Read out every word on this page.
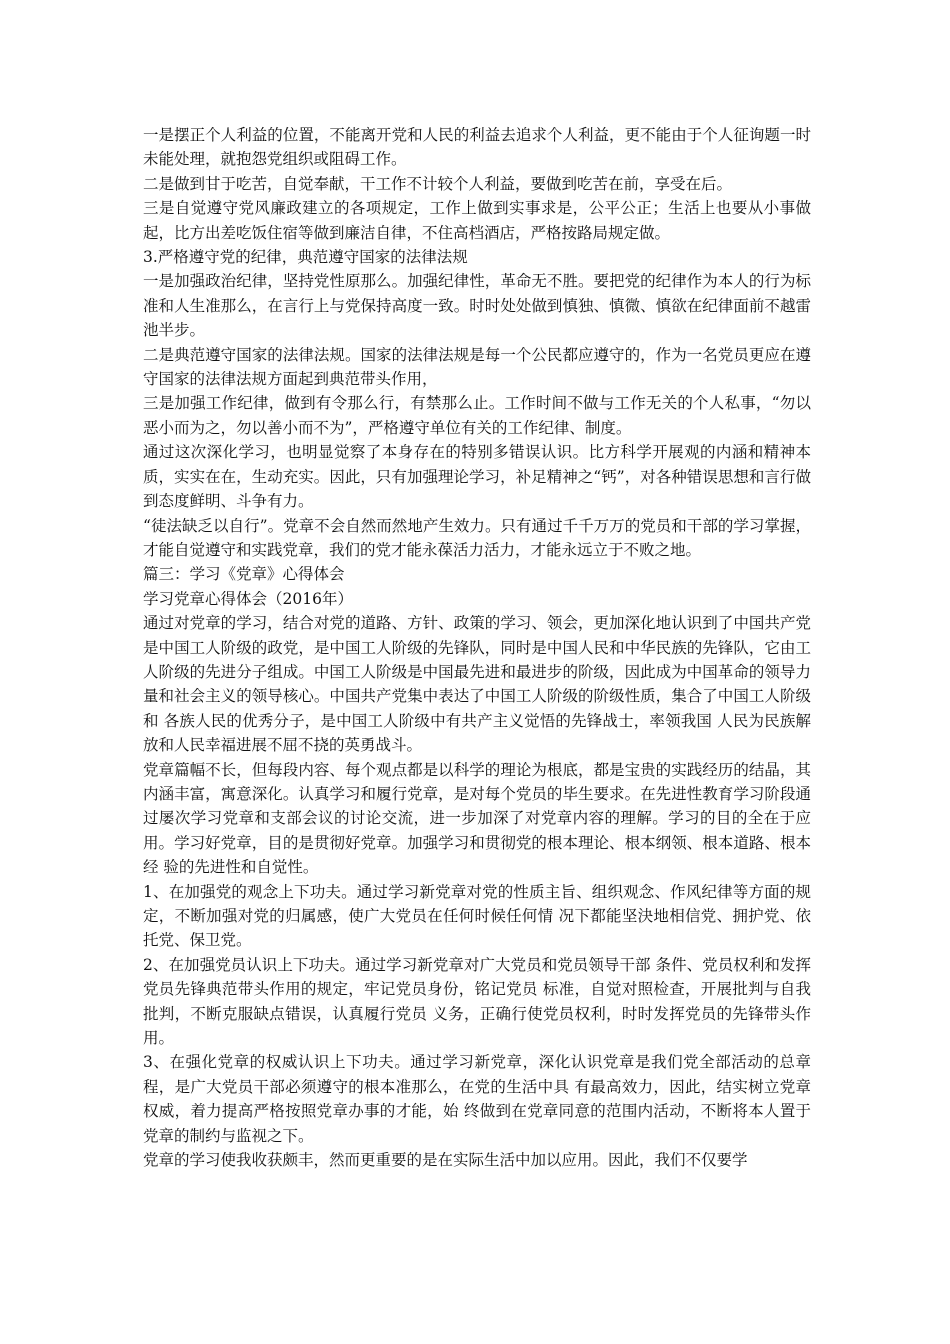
一是摆正个人利益的位置，不能离开党和人民的利益去追求个人利益，更不能由于个人征询题一时未能处理，就抱怨党组织或阻碍工作。

二是做到甘于吃苦，自觉奉献，干工作不计较个人利益，要做到吃苦在前，享受在后。

三是自觉遵守党风廉政建立的各项规定，工作上做到实事求是，公平公正；生活上也要从小事做起，比方出差吃饭住宿等做到廉洁自律，不住高档酒店，严格按路局规定做。

3.严格遵守党的纪律，典范遵守国家的法律法规

一是加强政治纪律，坚持党性原那么。加强纪律性，革命无不胜。要把党的纪律作为本人的行为标准和人生准那么，在言行上与党保持高度一致。时时处处做到慎独、慎微、慎欲在纪律面前不越雷池半步。

二是典范遵守国家的法律法规。国家的法律法规是每一个公民都应遵守的，作为一名党员更应在遵守国家的法律法规方面起到典范带头作用，

三是加强工作纪律，做到有令那么行，有禁那么止。工作时间不做与工作无关的个人私事，“勿以恶小而为之，勿以善小而不为”，严格遵守单位有关的工作纪律、制度。

通过这次深化学习，也明显觉察了本身存在的特别多错误认识。比方科学开展观的内涵和精神本质，实实在在，生动充实。因此，只有加强理论学习，补足精神之“钙”，对各种错误思想和言行做到态度鲜明、斗争有力。

“徒法缺乏以自行”。党章不会自然而然地产生效力。只有通过千千万万的党员和干部的学习掌握，才能自觉遵守和实践党章，我们的党才能永葆活力活力，才能永远立于不败之地。

篇三：学习《党章》心得体会

学习党章心得体会（2016年）

通过对党章的学习，结合对党的道路、方针、政策的学习、领会，更加深化地认识到了中国共产党是中国工人阶级的政党，是中国工人阶级的先锋队，同时是中国人民和中华民族的先锋队，它由工人阶级的先进分子组成。中国工人阶级是中国最先进和最进步的阶级，因此成为中国革命的领导力量和社会主义的领导核心。中国共产党集中表达了中国工人阶级的阶级性质，集合了中国工人阶级和 各族人民的优秀分子，是中国工人阶级中有共产主义觉悟的先锋战士，率领我国 人民为民族解放和人民幸福进展不屈不挠的英勇战斗。

党章篇幅不长，但每段内容、每个观点都是以科学的理论为根底，都是宝贵的实践经历的结晶，其内涵丰富，寓意深化。认真学习和履行党章，是对每个党员的毕生要求。在先进性教育学习阶段通过屡次学习党章和支部会议的讨论交流，进一步加深了对党章内容的理解。学习的目的全在于应用。学习好党章，目的是贯彻好党章。加强学习和贯彻党的根本理论、根本纲领、根本道路、根本经 验的先进性和自觉性。

1、在加强党的观念上下功夫。通过学习新党章对党的性质主旨、组织观念、作风纪律等方面的规定，不断加强对党的归属感，使广大党员在任何时候任何情 况下都能坚決地相信党、拥护党、依托党、保卫党。

2、在加强党员认识上下功夫。通过学习新党章对广大党员和党员领导干部 条件、党员权利和发挥党员先锋典范带头作用的规定，牢记党员身份，铭记党员 标准，自觉对照检查，开展批判与自我批判，不断克服缺点错误，认真履行党员 义务，正确行使党员权利，时时发挥党员的先锋带头作用。

3、在强化党章的权威认识上下功夫。通过学习新党章，深化认识党章是我们党全部活动的总章程，是广大党员干部必须遵守的根本准那么，在党的生活中具 有最高效力，因此，结实树立党章权威，着力提高严格按照党章办事的才能，始 终做到在党章同意的范围内活动，不断将本人置于党章的制约与监视之下。

党章的学习使我收获颇丰，然而更重要的是在实际生活中加以应用。因此，我们不仅要学
